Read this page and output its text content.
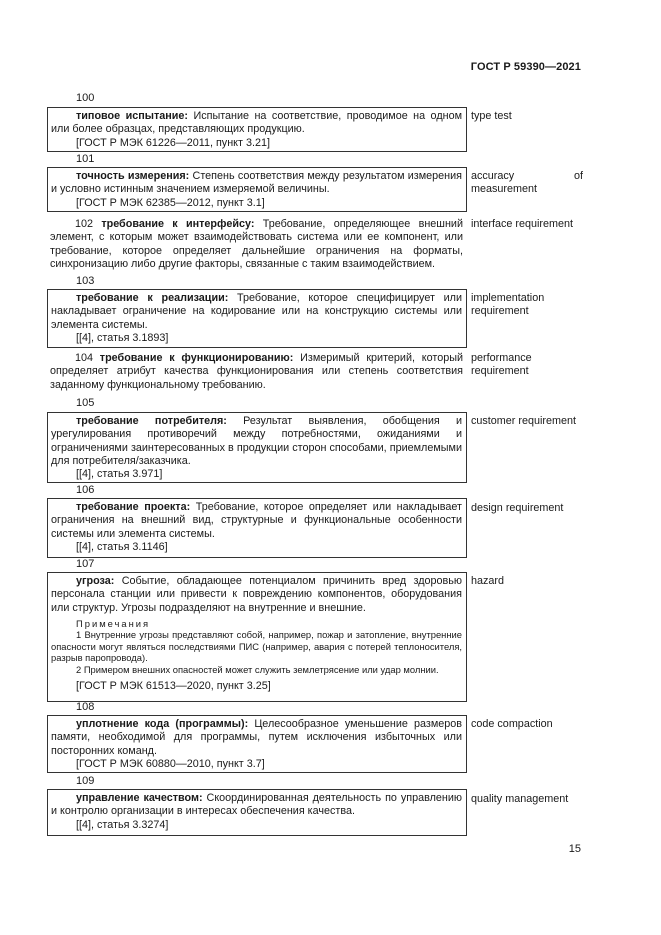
ГОСТ Р 59390—2021
100
типовое испытание: Испытание на соответствие, проводимое на одном или более образцах, представляющих продукцию.
[ГОСТ Р МЭК 61226—2011, пункт 3.21]
type test
101
точность измерения: Степень соответствия между результатом измерения и условно истинным значением измеряемой величины.
[ГОСТ Р МЭК 62385—2012, пункт 3.1]
accuracy of measurement
102 требование к интерфейсу: Требование, определяющее внешний элемент, с которым может взаимодействовать система или ее компонент, или требование, которое определяет дальнейшие ограничения на форматы, синхронизацию либо другие факторы, связанные с таким взаимодействием.
interface requirement
103
требование к реализации: Требование, которое специфицирует или накладывает ограничение на кодирование или на конструкцию системы или элемента системы.
[[4], статья 3.1893]
implementation requirement
104 требование к функционированию: Измеримый критерий, который определяет атрибут качества функционирования или степень соответствия заданному функциональному требованию.
performance requirement
105
требование потребителя: Результат выявления, обобщения и урегулирования противоречий между потребностями, ожиданиями и ограничениями заинтересованных в продукции сторон способами, приемлемыми для потребителя/заказчика.
[[4], статья 3.971]
customer requirement
106
требование проекта: Требование, которое определяет или накладывает ограничения на внешний вид, структурные и функциональные особенности системы или элемента системы.
[[4], статья 3.1146]
design requirement
107
угроза: Событие, обладающее потенциалом причинить вред здоровью персонала станции или привести к повреждению компонентов, оборудования или структур. Угрозы подразделяют на внутренние и внешние.
Примечания
1 Внутренние угрозы представляют собой, например, пожар и затопление, внутренние опасности могут являться последствиями ПИС (например, авария с потерей теплоносителя, разрыв паропровода).
2 Примером внешних опасностей может служить землетрясение или удар молнии.
[ГОСТ Р МЭК 61513—2020, пункт 3.25]
hazard
108
уплотнение кода (программы): Целесообразное уменьшение размеров памяти, необходимой для программы, путем исключения избыточных или посторонних команд.
[ГОСТ Р МЭК 60880—2010, пункт 3.7]
code compaction
109
управление качеством: Скоординированная деятельность по управлению и контролю организации в интересах обеспечения качества.
[[4], статья 3.3274]
quality management
15
